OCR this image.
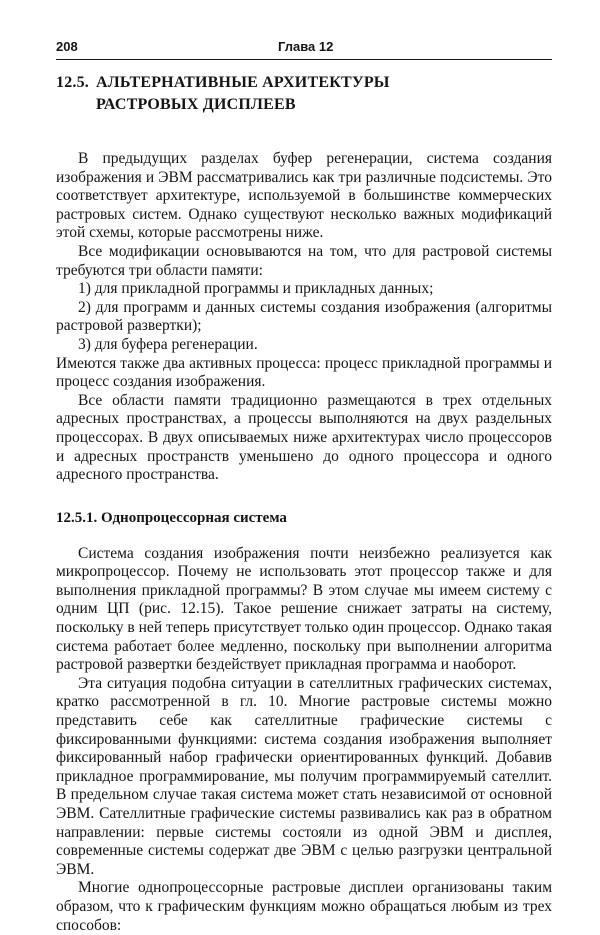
208	Глава 12
12.5. АЛЬТЕРНАТИВНЫЕ АРХИТЕКТУРЫ
РАСТРОВЫХ ДИСПЛЕЕВ

В предыдущих разделах буфер регенерации, система создания изображения и ЭВМ рассматривались как три различные подсистемы. Это соответствует архитектуре, используемой в большинстве коммерческих растровых систем. Однако существуют несколько важных модификаций этой схемы, которые рассмотрены ниже.

Все модификации основываются на том, что для растровой системы требуются три области памяти:

1) для прикладной программы и прикладных данных;

2) для программ и данных системы создания изображения (алгоритмы растровой развертки);

3) для буфера регенерации.

Имеются также два активных процесса: процесс прикладной программы и процесс создания изображения.

Все области памяти традиционно размещаются в трех отдельных адресных пространствах, а процессы выполняются на двух раздельных процессорах. В двух описываемых ниже архитектурах число процессоров и адресных пространств уменьшено до одного процессора и одного адресного пространства.

12.5.1. Однопроцессорная система

Система создания изображения почти неизбежно реализуется как микропроцессор. Почему не использовать этот процессор также и для выполнения прикладной программы? В этом случае мы имеем систему с одним ЦП (рис. 12.15). Такое решение снижает затраты на систему, поскольку в ней теперь присутствует только один процессор. Однако такая система работает более медленно, поскольку при выполнении алгоритма растровой развертки бездействует прикладная программа и наоборот.

Эта ситуация подобна ситуации в сателлитных графических системах, кратко рассмотренной в гл. 10. Многие растровые системы можно представить себе как сателлитные графические системы с фиксированными функциями: система создания изображения выполняет фиксированный набор графически ориентированных функций. Добавив прикладное программирование, мы получим программируемый сателлит. В предельном случае такая система может стать независимой от основной ЭВМ. Сателлитные графические системы развивались как раз в обратном направлении: первые системы состояли из одной ЭВМ и дисплея, современные системы содержат две ЭВМ с целью разгрузки центральной ЭВМ.

Многие однопроцессорные растровые дисплеи организованы таким образом, что к графическим функциям можно обращаться любым из трех способов:
